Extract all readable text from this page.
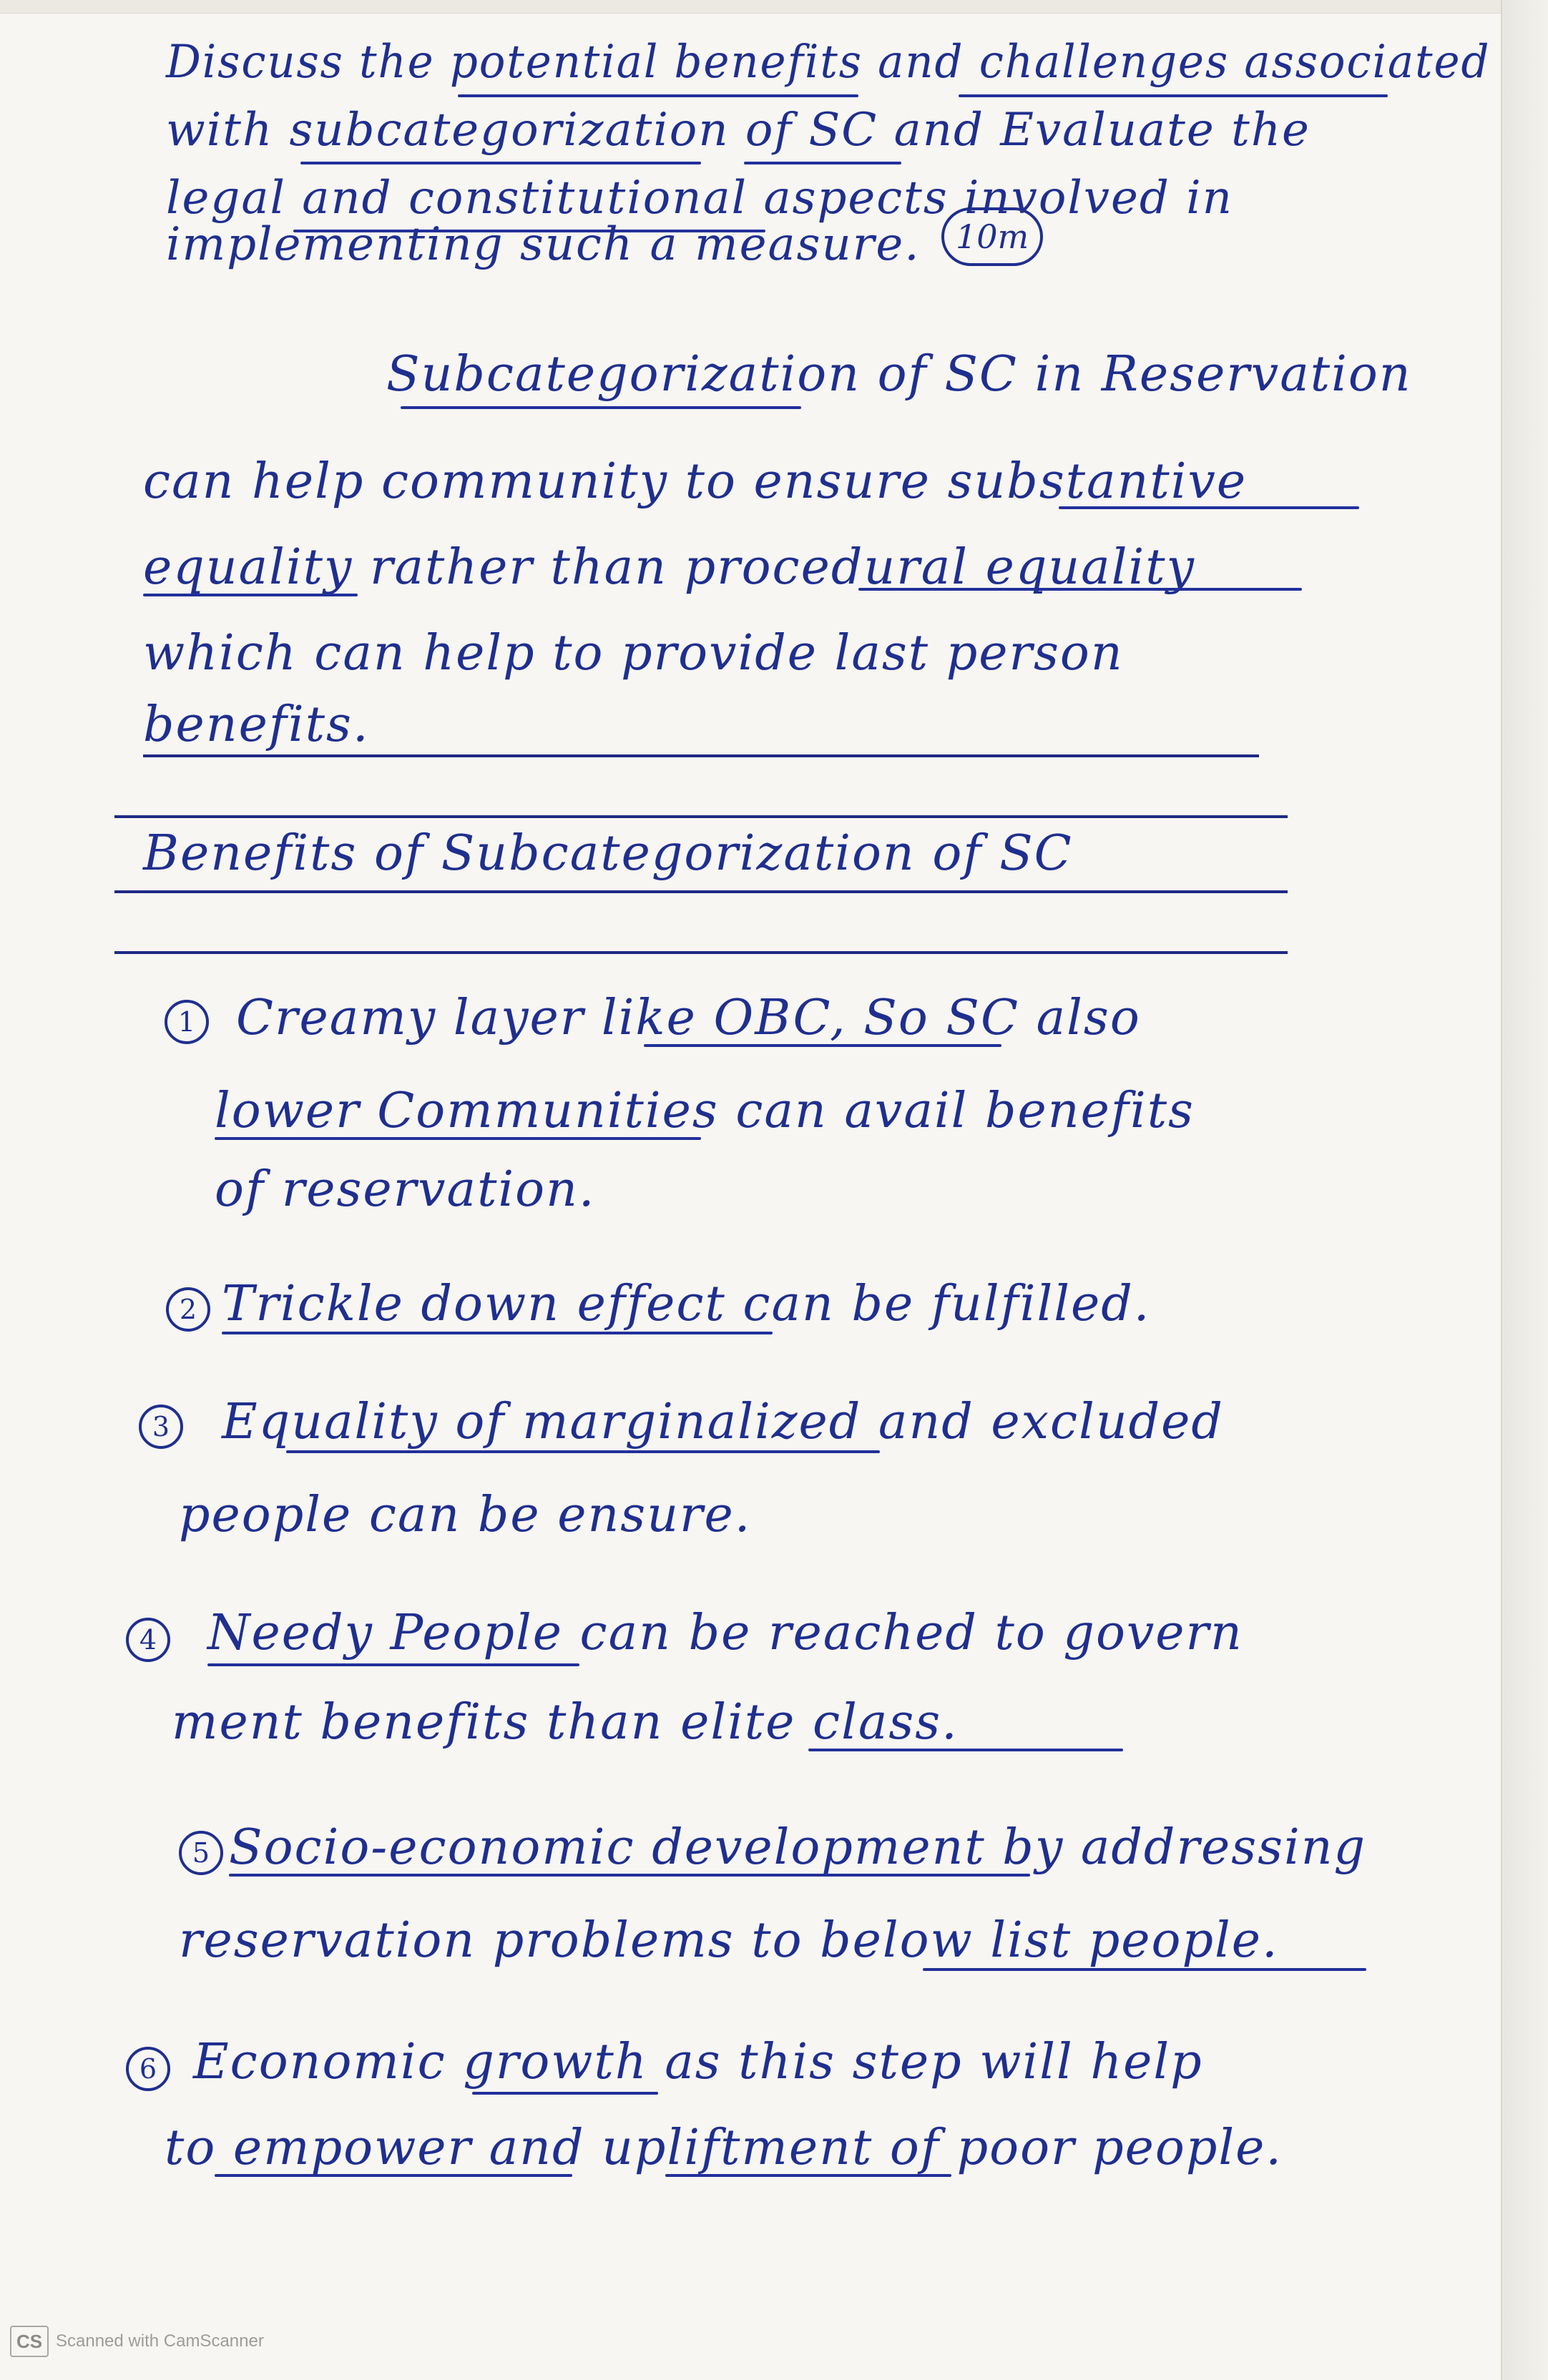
Discuss the potential benefits and challenges associated
with subcategorization of SC and Evaluate the
legal and constitutional aspects involved in
implementing such a measure.	10m
Subcategorization of SC in Reservation
can help community to ensure substantive
equality rather than procedural equality
which can help to provide last person
benefits.
Benefits of Subcategorization of SC
1 Creamy layer like OBC, So SC also
lower Communities can avail benefits
of reservation.
2 Trickle down effect can be fulfilled.
3 Equality of marginalized and excluded
people can be ensure.
4 Needy People can be reached to govern
ment benefits than elite class.
5 Socio-economic development by addressing
reservation problems to below list people.
6 Economic growth as this step will help
to empower and upliftment of poor people.
CS Scanned with CamScanner
